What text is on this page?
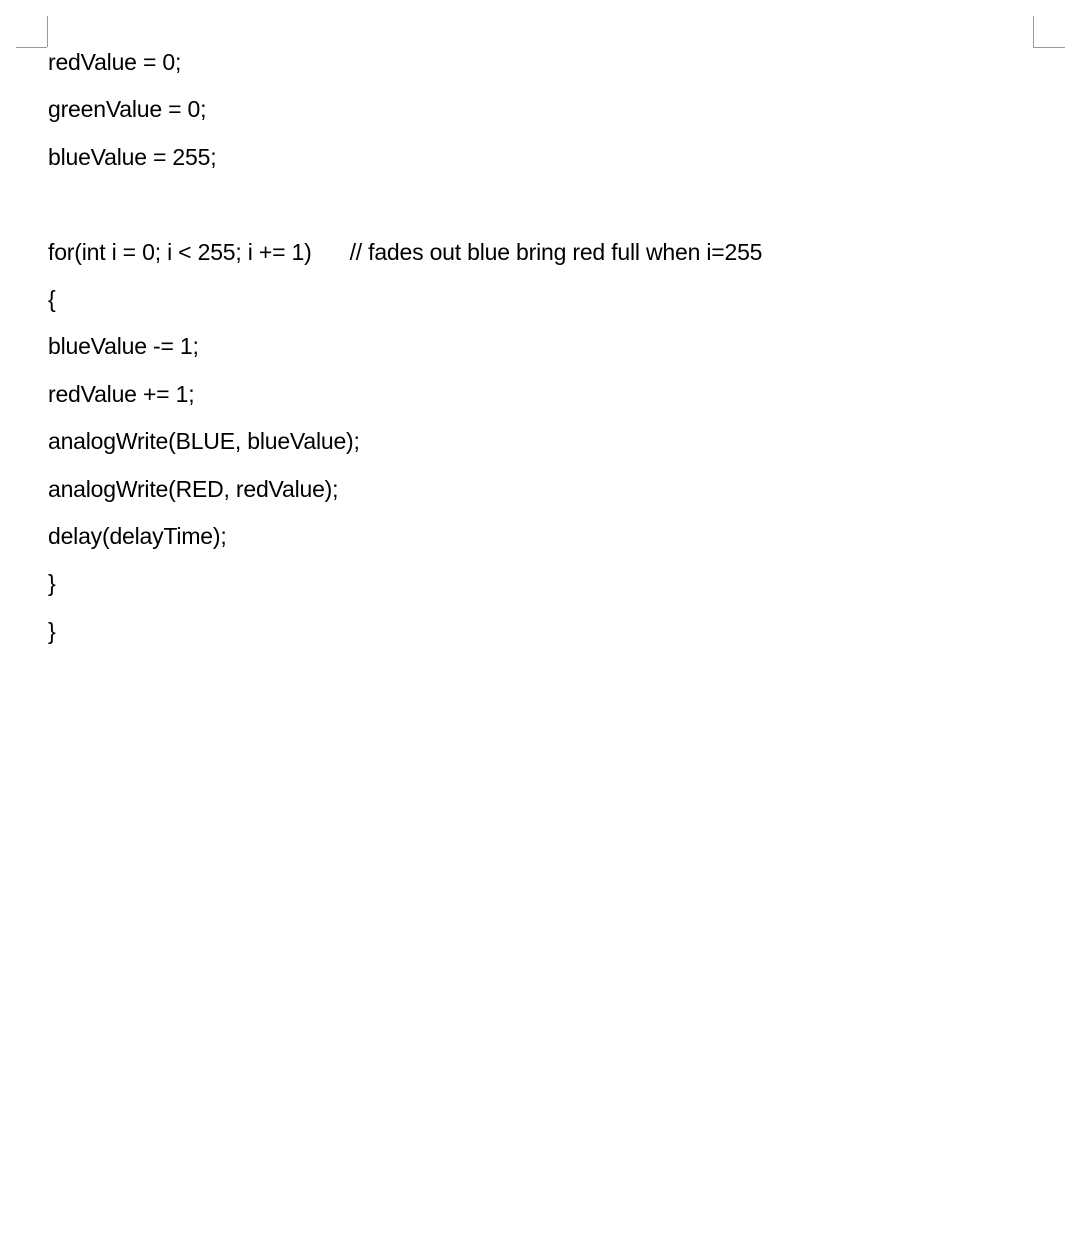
redValue = 0;
greenValue = 0;
blueValue = 255;
for(int i = 0; i < 255; i += 1) // fades out blue bring red full when i=255
{
blueValue -= 1;
redValue += 1;
analogWrite(BLUE, blueValue);
analogWrite(RED, redValue);
delay(delayTime);
}
}
